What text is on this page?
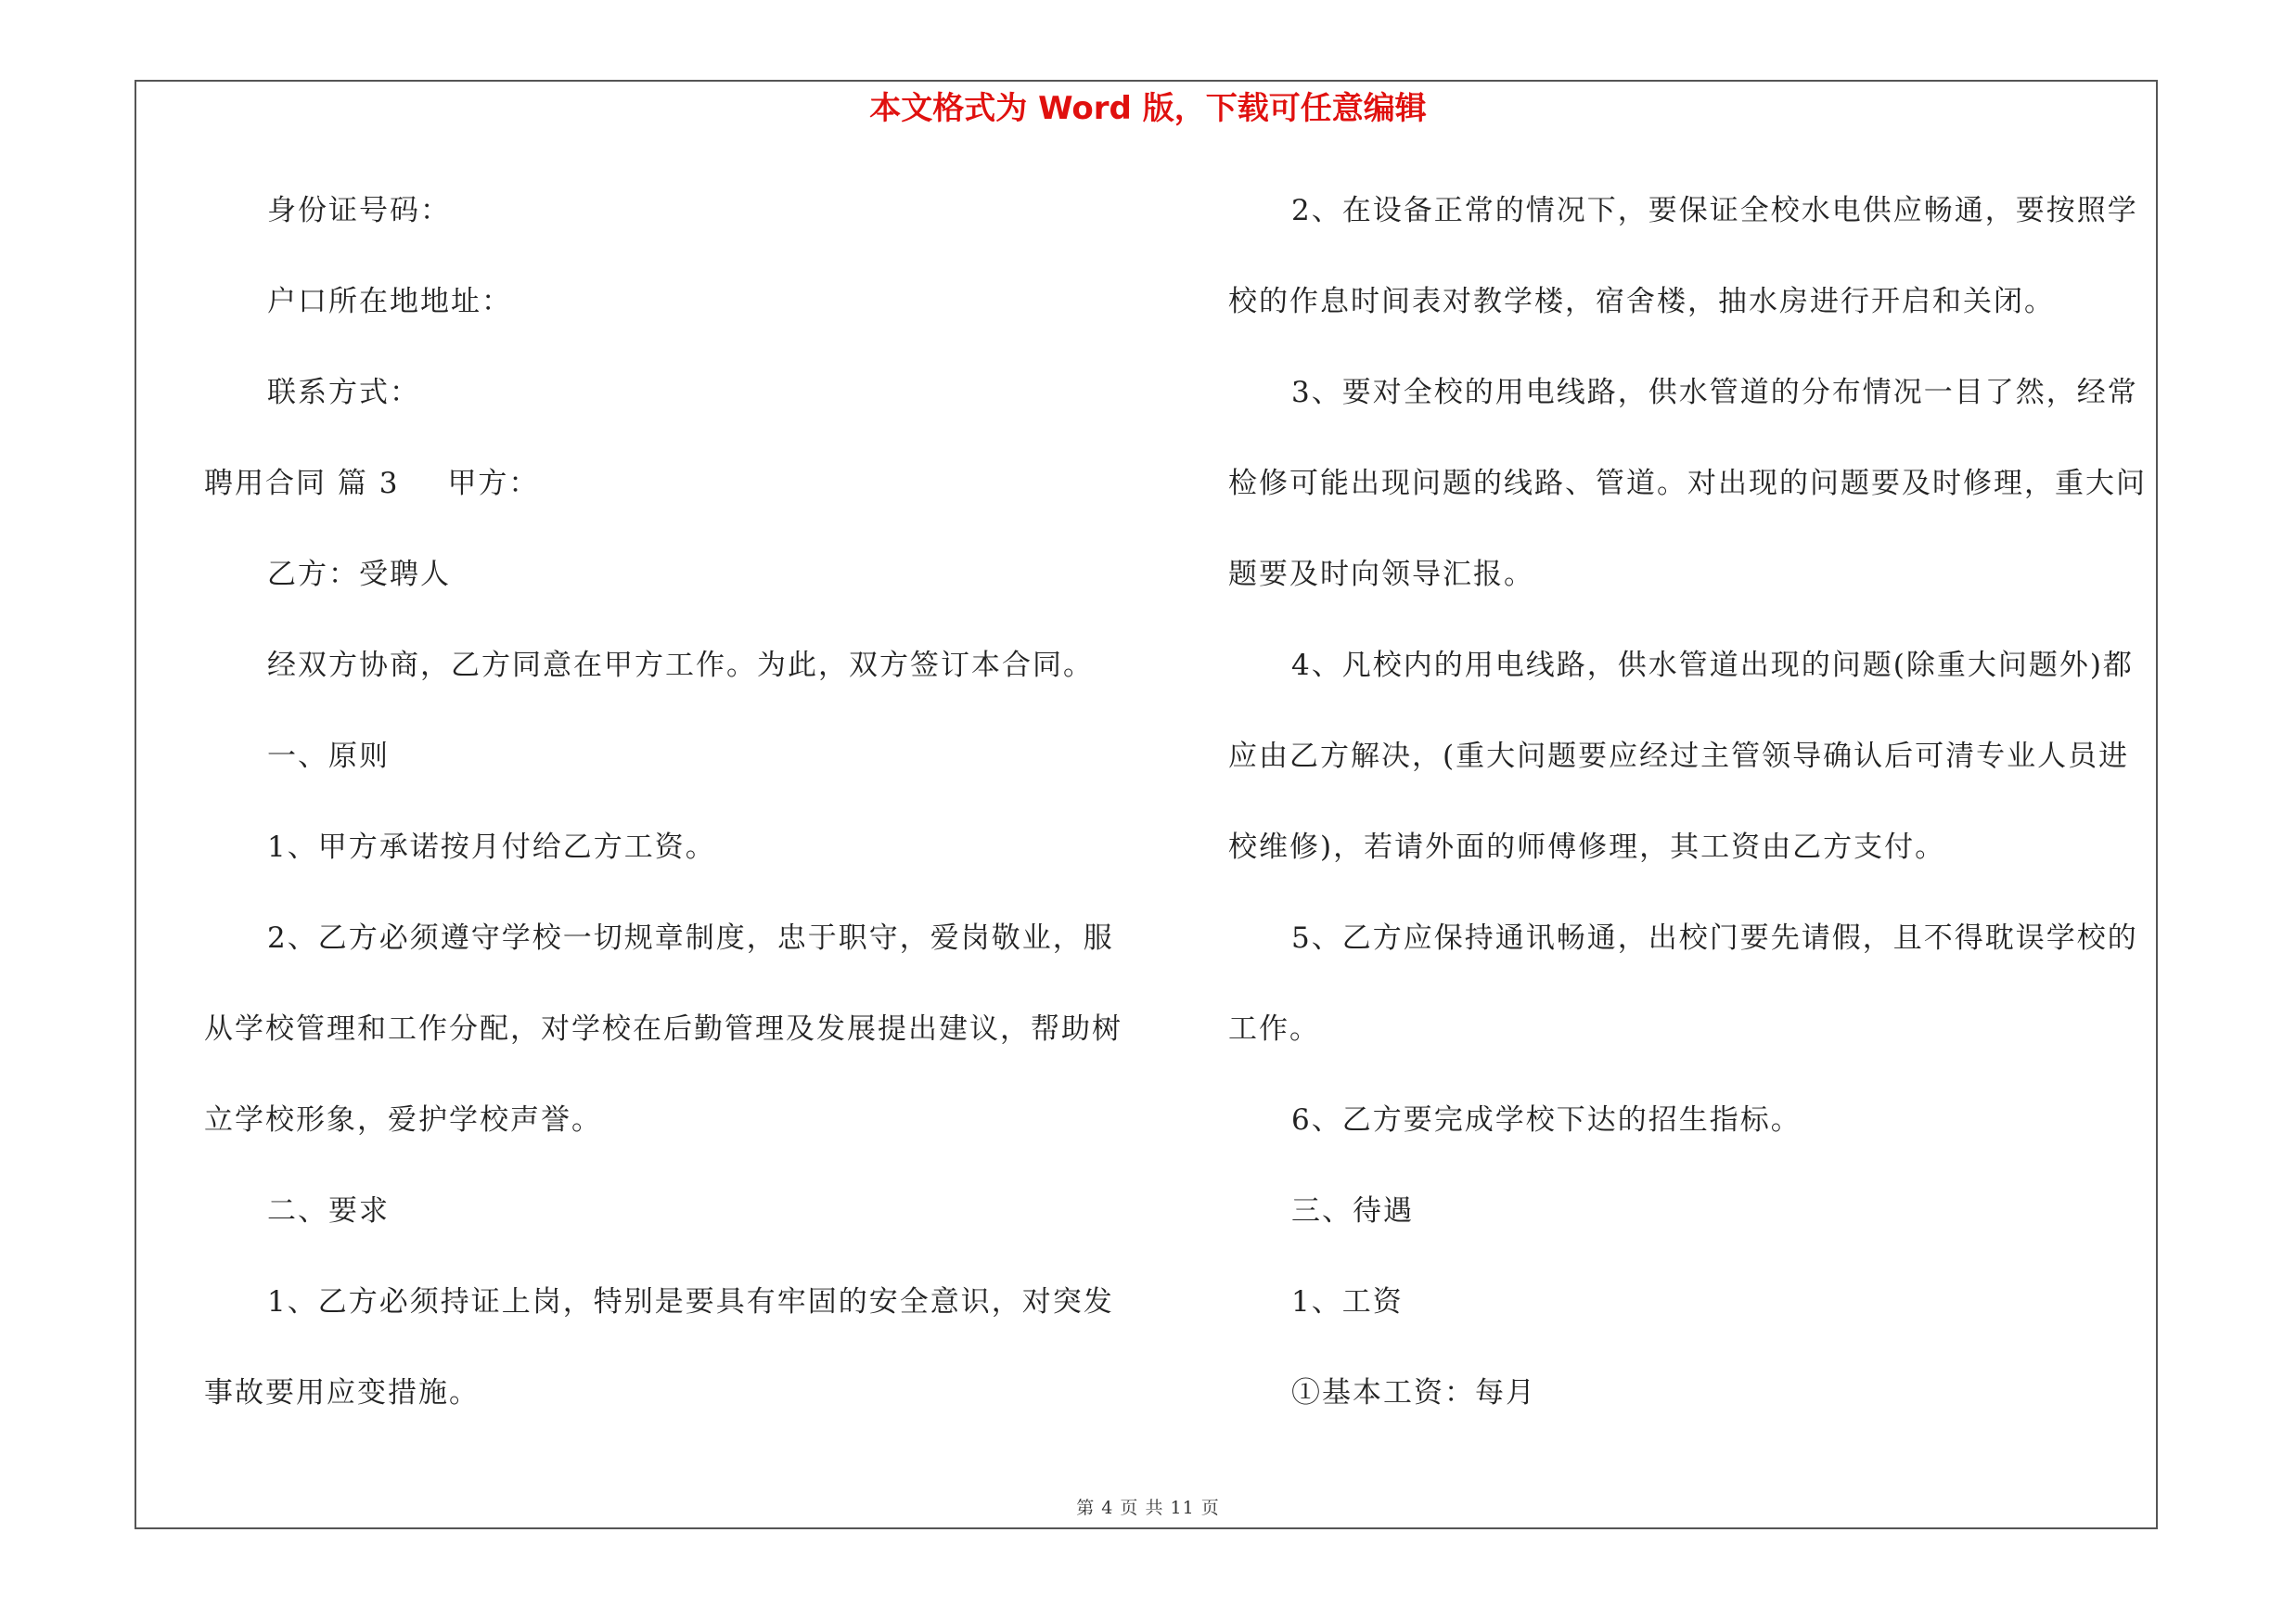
本文格式为 Word 版，下载可任意编辑
身份证号码：
户口所在地地址：
联系方式：
聘用合同 篇 3 甲方：
乙方：受聘人
经双方协商，乙方同意在甲方工作。为此，双方签订本合同。
一、原则
1、甲方承诺按月付给乙方工资。
2、乙方必须遵守学校一切规章制度，忠于职守，爱岗敬业，服
从学校管理和工作分配，对学校在后勤管理及发展提出建议，帮助树
立学校形象，爱护学校声誉。
二、要求
1、乙方必须持证上岗，特别是要具有牢固的安全意识，对突发
事故要用应变措施。
2、在设备正常的情况下，要保证全校水电供应畅通，要按照学
校的作息时间表对教学楼，宿舍楼，抽水房进行开启和关闭。
3、要对全校的用电线路，供水管道的分布情况一目了然，经常
检修可能出现问题的线路、管道。对出现的问题要及时修理，重大问
题要及时向领导汇报。
4、凡校内的用电线路，供水管道出现的问题(除重大问题外)都
应由乙方解决，(重大问题要应经过主管领导确认后可清专业人员进
校维修)，若请外面的师傅修理，其工资由乙方支付。
5、乙方应保持通讯畅通，出校门要先请假，且不得耽误学校的
工作。
6、乙方要完成学校下达的招生指标。
三、待遇
1、工资
①基本工资：每月
第 4 页 共 11 页
